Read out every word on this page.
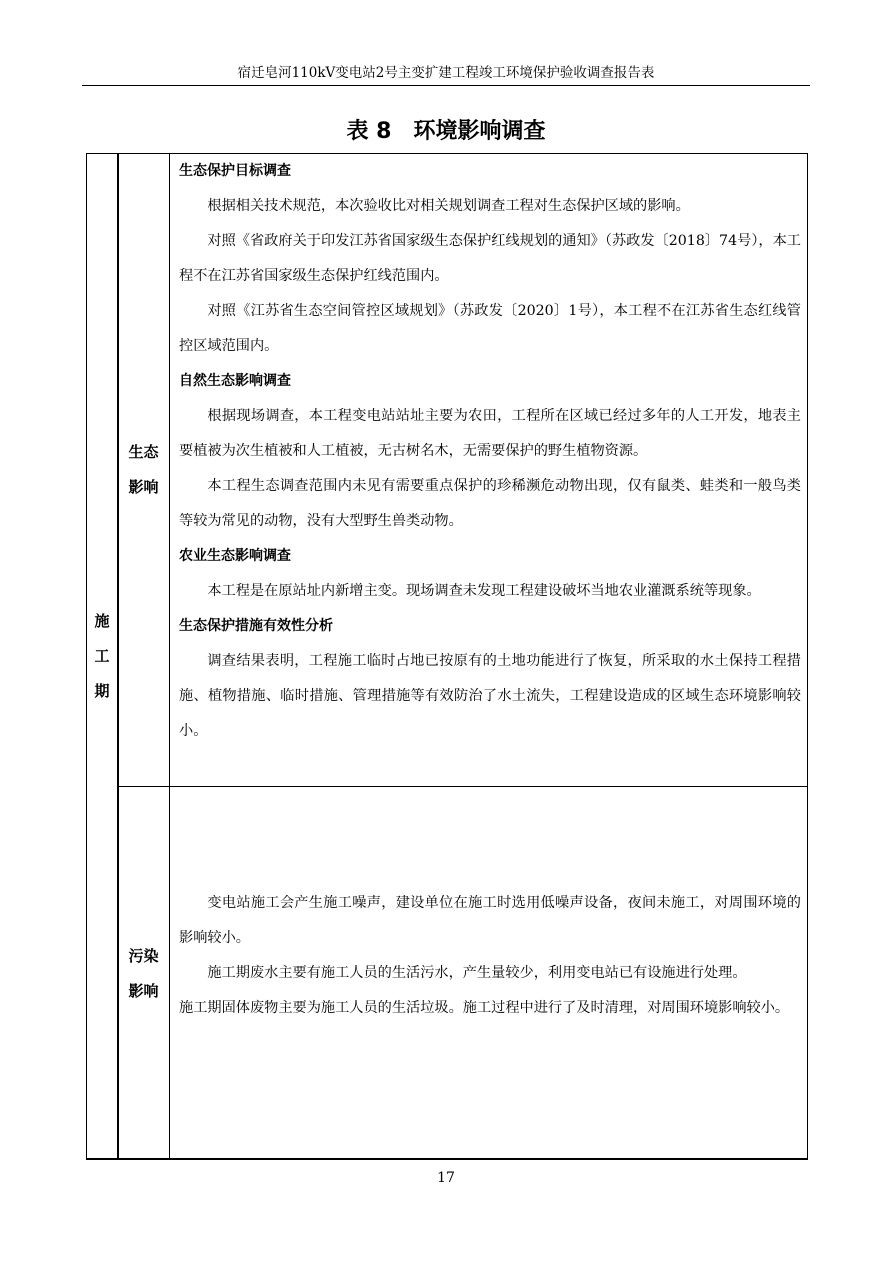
宿迁皂河110kV变电站2号主变扩建工程竣工环境保护验收调查报告表
表 8　环境影响调查
施
工
期
生态
影响
污染
影响

生态保护目标调查

根据相关技术规范，本次验收比对相关规划调查工程对生态保护区域的影响。

对照《省政府关于印发江苏省国家级生态保护红线规划的通知》（苏政发〔2018〕74号），本工程不在江苏省国家级生态保护红线范围内。

对照《江苏省生态空间管控区域规划》（苏政发〔2020〕1号），本工程不在江苏省生态红线管控区域范围内。

自然生态影响调查

根据现场调查，本工程变电站站址主要为农田，工程所在区域已经过多年的人工开发，地表主要植被为次生植被和人工植被，无古树名木，无需要保护的野生植物资源。

本工程生态调查范围内未见有需要重点保护的珍稀濒危动物出现，仅有鼠类、蛙类和一般鸟类等较为常见的动物，没有大型野生兽类动物。

农业生态影响调查

本工程是在原站址内新增主变。现场调查未发现工程建设破坏当地农业灌溉系统等现象。

生态保护措施有效性分析

调查结果表明，工程施工临时占地已按原有的土地功能进行了恢复，所采取的水土保持工程措施、植物措施、临时措施、管理措施等有效防治了水土流失，工程建设造成的区域生态环境影响较小。

变电站施工会产生施工噪声，建设单位在施工时选用低噪声设备，夜间未施工，对周围环境的影响较小。

施工期废水主要有施工人员的生活污水，产生量较少，利用变电站已有设施进行处理。

施工期固体废物主要为施工人员的生活垃圾。施工过程中进行了及时清理，对周围环境影响较小。

17
